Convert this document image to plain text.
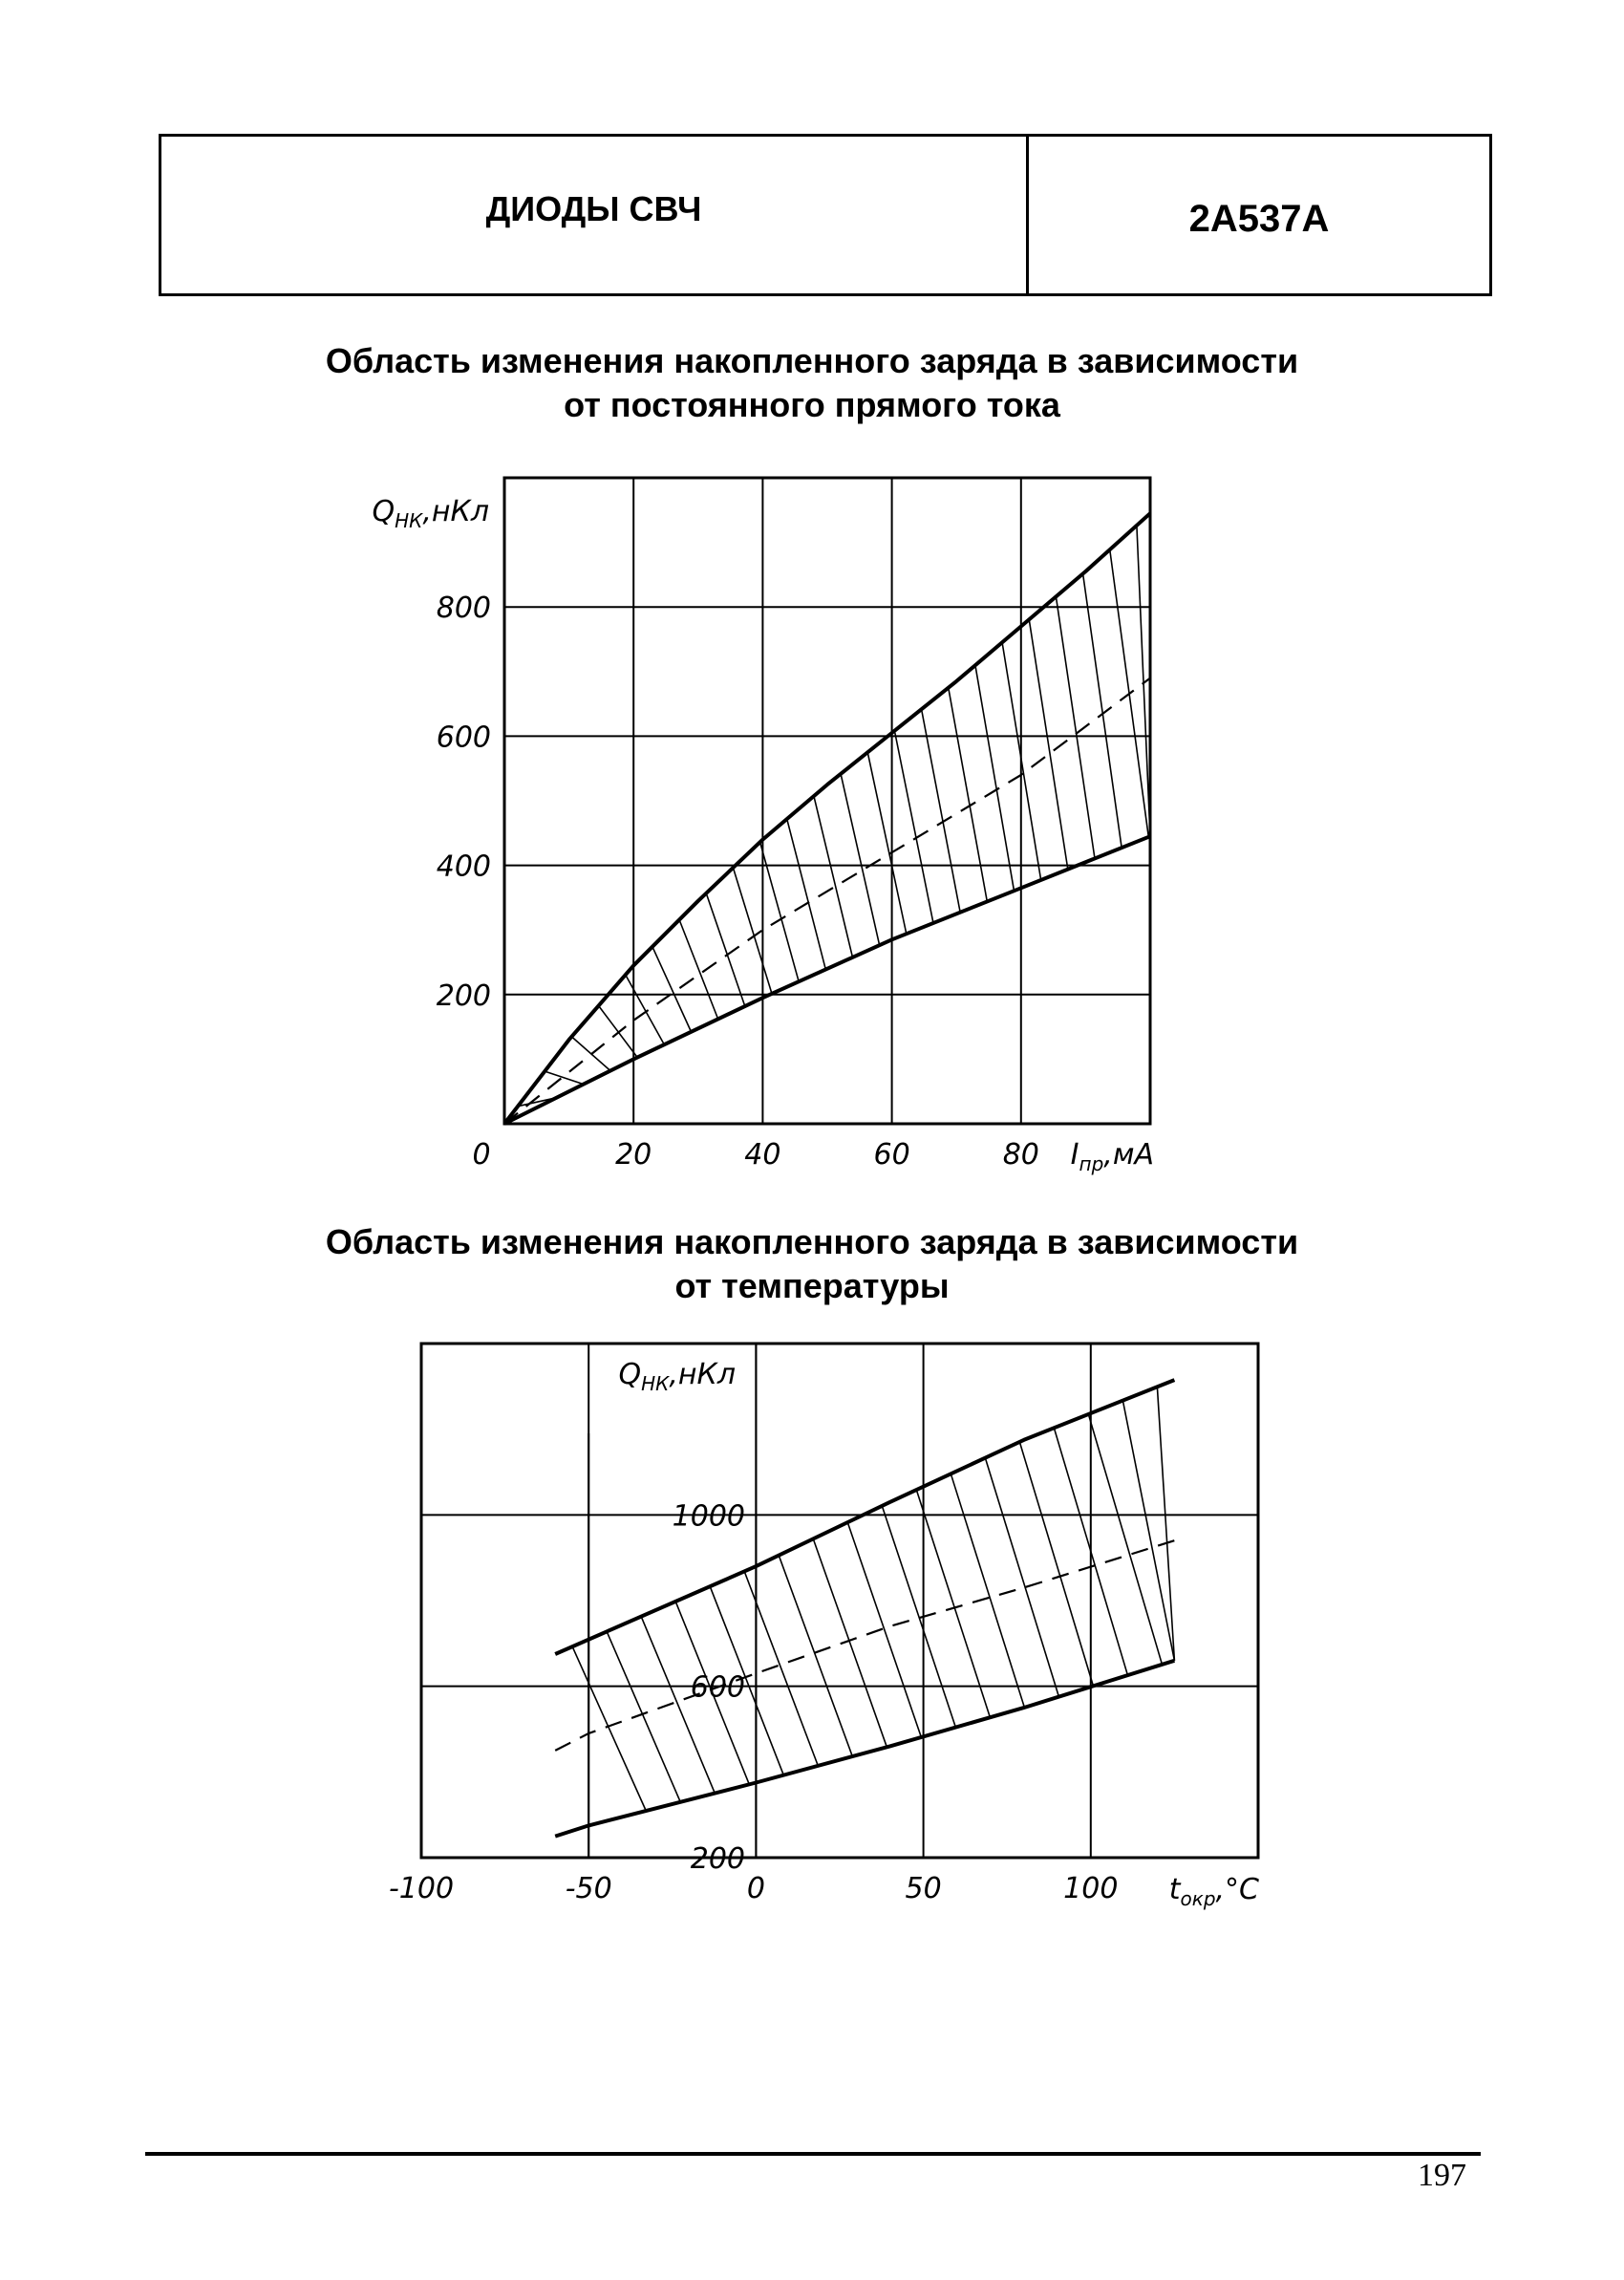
ДИОДЫ СВЧ	2А537А
Область изменения накопленного заряда в зависимости
от постоянного прямого тока
Область изменения накопленного заряда в зависимости
от температуры
20	40	60	80
200
400
600
800
0
$Q_{НК},нКл$
$I_{пр},мА$
-100	-50	0	50	100
200
600
1000
$Q_{НК},нКл$
$t_{окр},^\circ C$
197
